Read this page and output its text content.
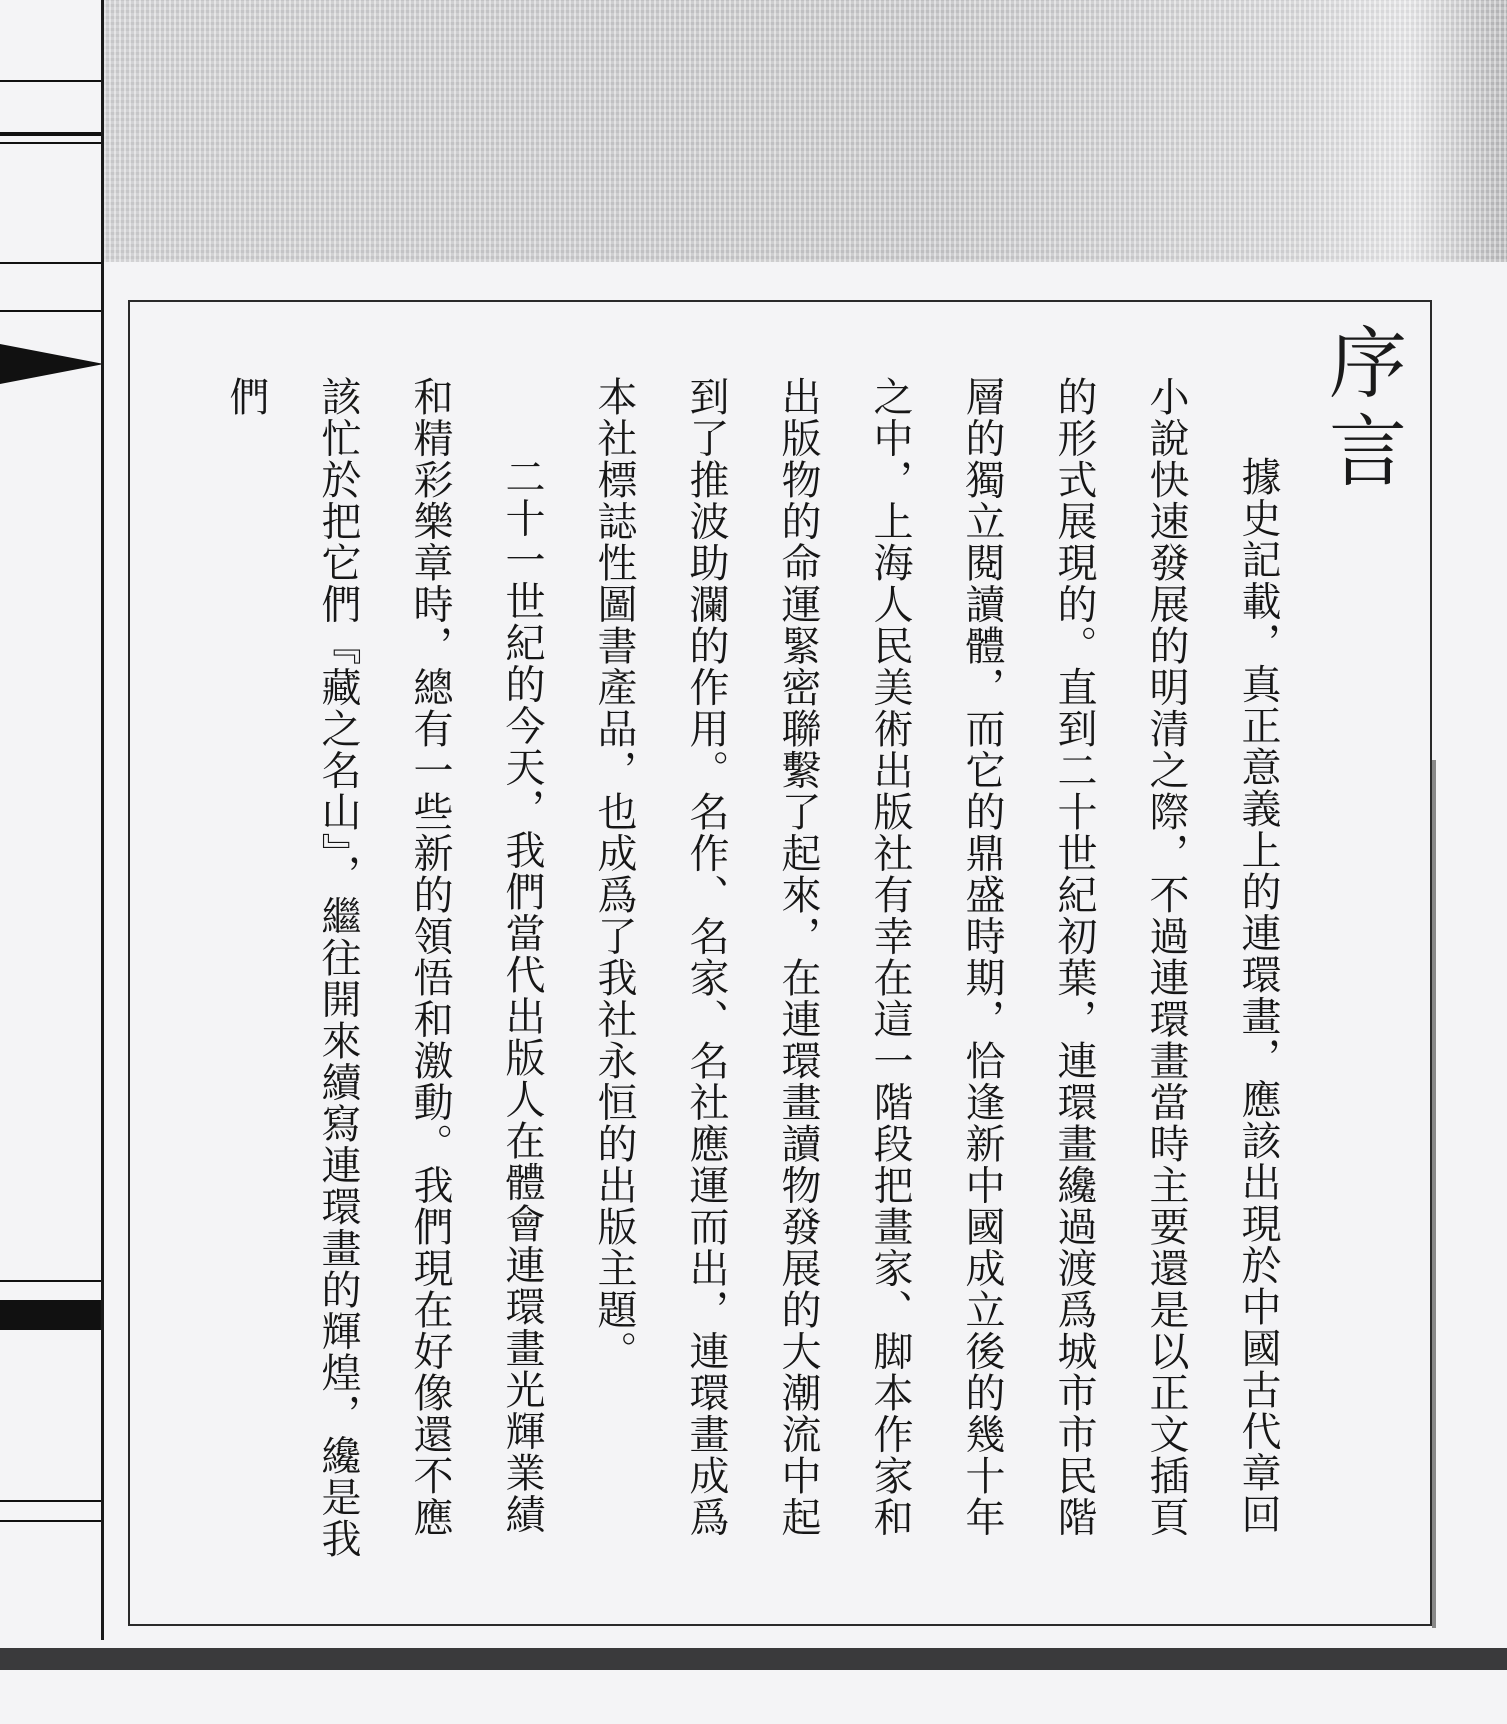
序言

據史記載，真正意義上的連環畫，應該出現於中國古代章回小說快速發展的明清之際，不過連環畫當時主要還是以正文插頁的形式展現的。直到二十世紀初葉，連環畫纔過渡爲城市市民階層的獨立閱讀體，而它的鼎盛時期，恰逢新中國成立後的幾十年之中，上海人民美術出版社有幸在這一階段把畫家、脚本作家和出版物的命運緊密聯繫了起來，在連環畫讀物發展的大潮流中起到了推波助瀾的作用。名作、名家、名社應運而出，連環畫成爲本社標誌性圖書產品，也成爲了我社永恒的出版主題。

二十一世紀的今天，我們當代出版人在體會連環畫光輝業績和精彩樂章時，總有一些新的領悟和激動。我們現在好像還不應該忙於把它們『藏之名山』，繼往開來續寫連環畫的輝煌，纔是我們
